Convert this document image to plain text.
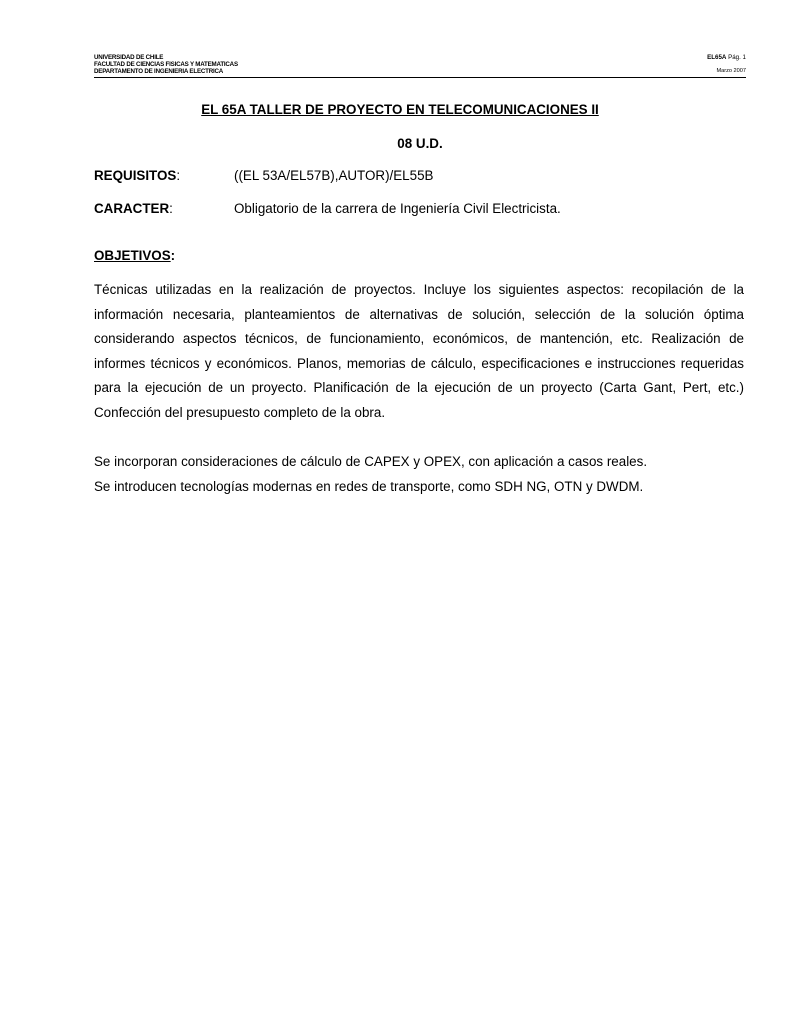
UNIVERSIDAD DE CHILE
FACULTAD DE CIENCIAS FISICAS Y MATEMATICAS
DEPARTAMENTO DE INGENIERIA ELECTRICA
EL65A Pág. 1
Marzo 2007
EL 65A TALLER DE PROYECTO EN TELECOMUNICACIONES II
08 U.D.
REQUISITOS:	((EL 53A/EL57B),AUTOR)/EL55B
CARACTER:	Obligatorio de la carrera de Ingeniería Civil Electricista.
OBJETIVOS:
Técnicas utilizadas en la realización de proyectos. Incluye los siguientes aspectos: recopilación de la información necesaria, planteamientos de alternativas de solución, selección de la solución óptima considerando aspectos técnicos, de funcionamiento, económicos, de mantención, etc. Realización de informes técnicos y económicos. Planos, memorias de cálculo, especificaciones e instrucciones requeridas para la ejecución de un proyecto. Planificación de la ejecución de un proyecto (Carta Gant, Pert, etc.) Confección del presupuesto completo de la obra.
Se incorporan consideraciones de cálculo de CAPEX y OPEX, con aplicación a casos reales.
Se introducen tecnologías modernas en redes de transporte, como SDH NG, OTN y DWDM.
